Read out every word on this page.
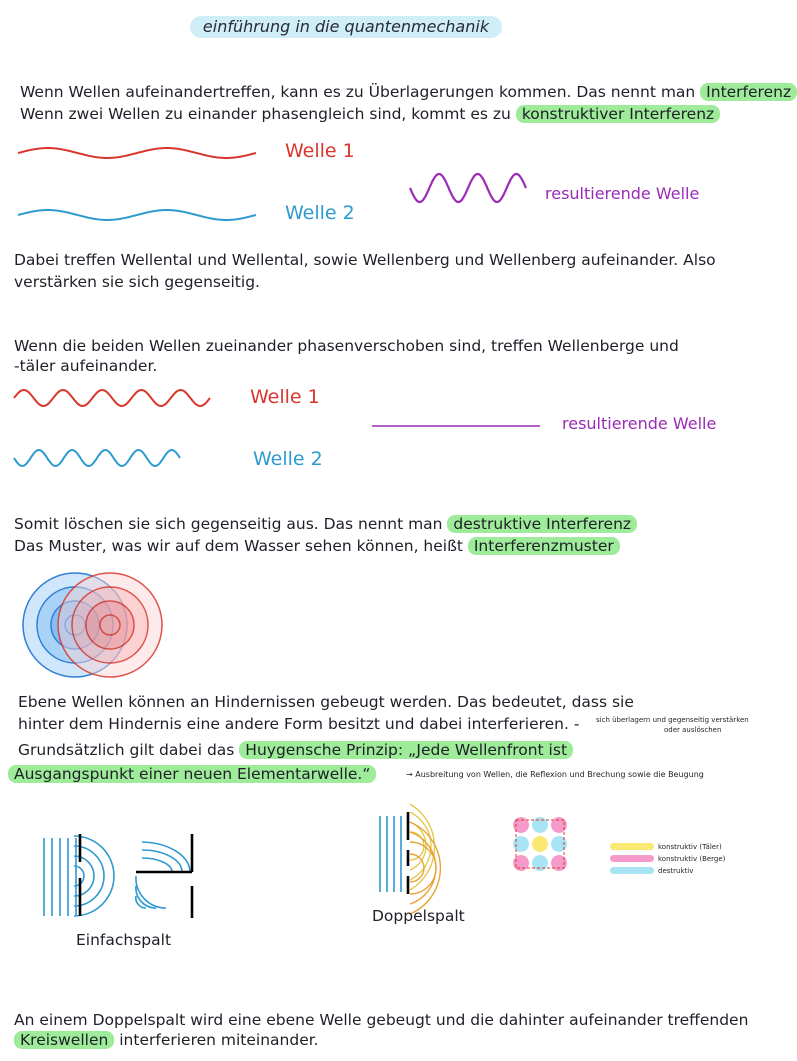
einführung in die quantenmechanik
Wenn Wellen aufeinandertreffen, kann es zu Überlagerungen kommen. Das nennt man Interferenz
Wenn zwei Wellen zu einander phasengleich sind, kommt es zu konstruktiver Interferenz
Welle 1
Welle 2
resultierende Welle
Dabei treffen Wellental und Wellental, sowie Wellenberg und Wellenberg aufeinander. Also
verstärken sie sich gegenseitig.
Wenn die beiden Wellen zueinander phasenverschoben sind, treffen Wellenberge und
-täler aufeinander.
Welle 1
Welle 2
resultierende Welle
Somit löschen sie sich gegenseitig aus. Das nennt man destruktive Interferenz
Das Muster, was wir auf dem Wasser sehen können, heißt Interferenzmuster
Ebene Wellen können an Hindernissen gebeugt werden. Das bedeutet, dass sie
hinter dem Hindernis eine andere Form besitzt und dabei interferieren. - sich überlagern und gegenseitig verstärken
oder auslöschen
Grundsätzlich gilt dabei das Huygensche Prinzip: „Jede Wellenfront ist
Ausgangspunkt einer neuen Elementarwelle.“	→ Ausbreitung von Wellen, die Reflexion und Brechung sowie die Beugung
Einfachspalt
Doppelspalt
konstruktiv (Täler)
konstruktiv (Berge)
destruktiv
An einem Doppelspalt wird eine ebene Welle gebeugt und die dahinter aufeinander treffenden
Kreiswellen interferieren miteinander.
